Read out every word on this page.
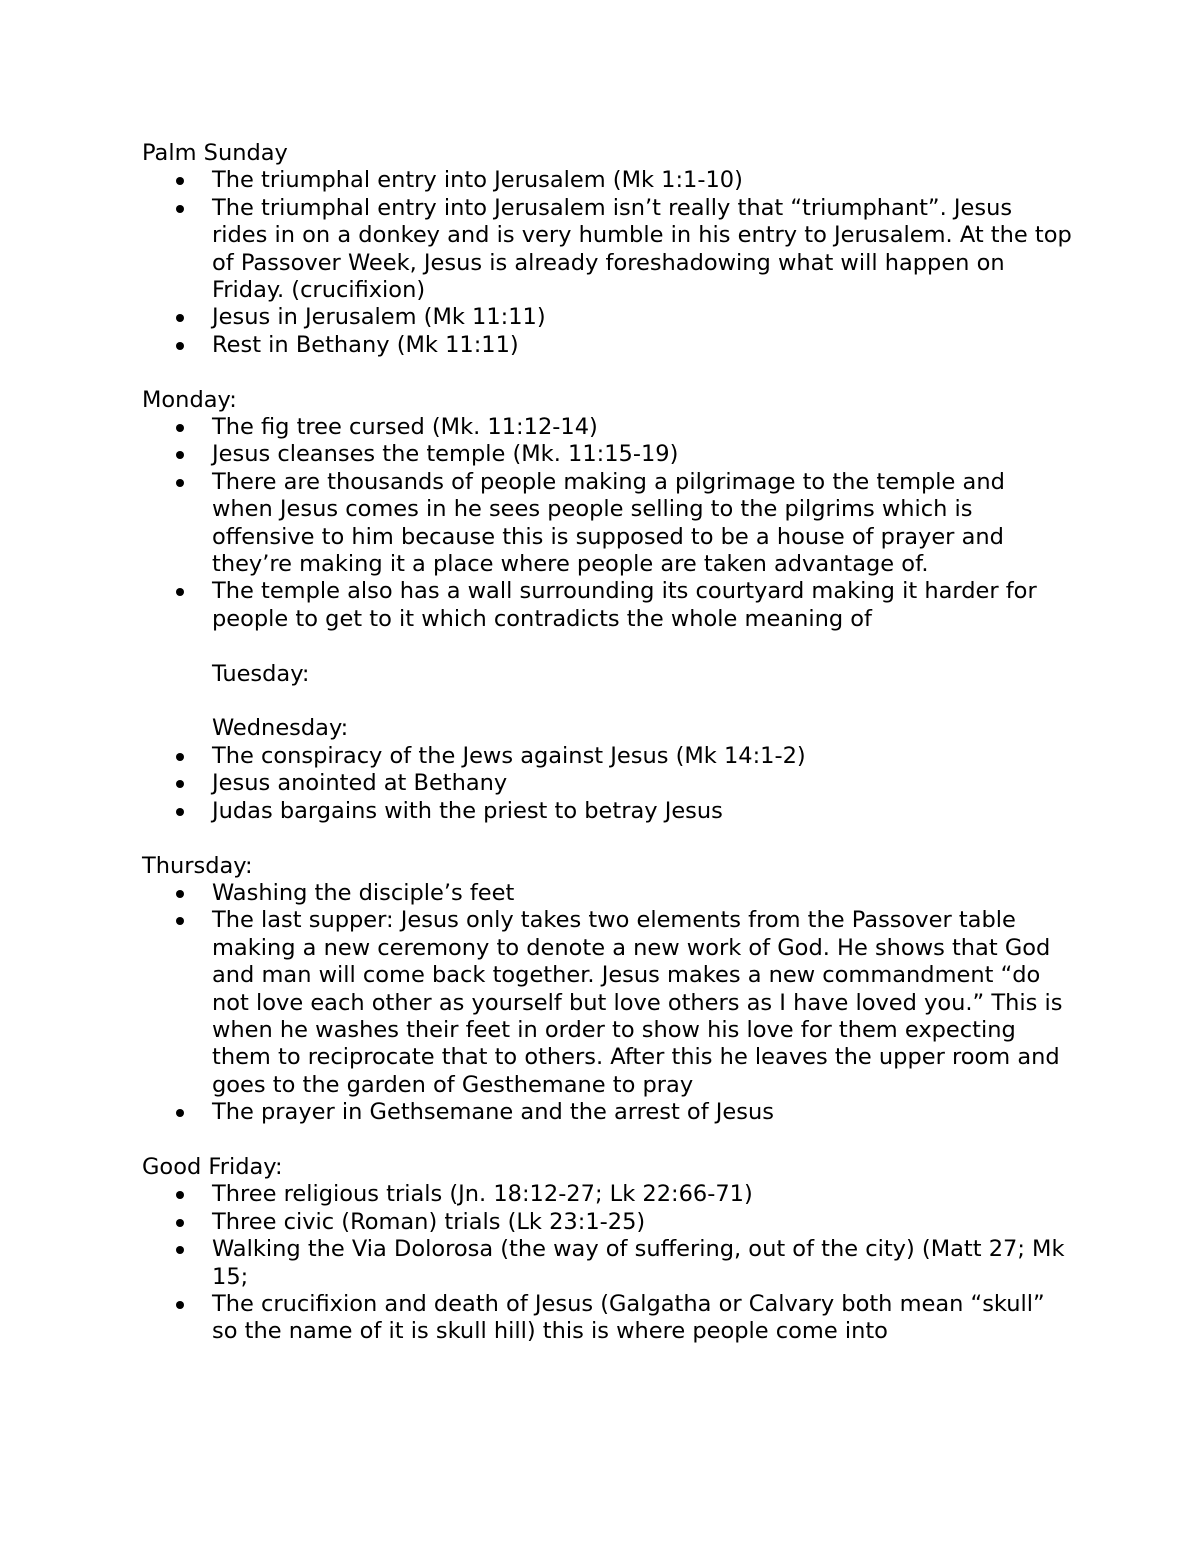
Palm Sunday
The triumphal entry into Jerusalem (Mk 1:1-10)
The triumphal entry into Jerusalem isn’t really that “triumphant”. Jesus rides in on a donkey and is very humble in his entry to Jerusalem. At the top of Passover Week, Jesus is already foreshadowing what will happen on Friday. (crucifixion)
Jesus in Jerusalem (Mk 11:11)
Rest in Bethany (Mk 11:11)
Monday:
The fig tree cursed (Mk. 11:12-14)
Jesus cleanses the temple (Mk. 11:15-19)
There are thousands of people making a pilgrimage to the temple and when Jesus comes in he sees people selling to the pilgrims which is offensive to him because this is supposed to be a house of prayer and they’re making it a place where people are taken advantage of.
The temple also has a wall surrounding its courtyard making it harder for people to get to it which contradicts the whole meaning of
Tuesday:
Wednesday:
The conspiracy of the Jews against Jesus (Mk 14:1-2)
Jesus anointed at Bethany
Judas bargains with the priest to betray Jesus
Thursday:
Washing the disciple’s feet
The last supper: Jesus only takes two elements from the Passover table making a new ceremony to denote a new work of God. He shows that God and man will come back together. Jesus makes a new commandment “do not love each other as yourself but love others as I have loved you.” This is when he washes their feet in order to show his love for them expecting them to reciprocate that to others. After this he leaves the upper room and goes to the garden of Gesthemane to pray
The prayer in Gethsemane and the arrest of Jesus
Good Friday:
Three religious trials (Jn. 18:12-27; Lk 22:66-71)
Three civic (Roman) trials (Lk 23:1-25)
Walking the Via Dolorosa (the way of suffering, out of the city) (Matt 27; Mk 15;
The crucifixion and death of Jesus (Galgatha or Calvary both mean “skull” so the name of it is skull hill) this is where people come into
